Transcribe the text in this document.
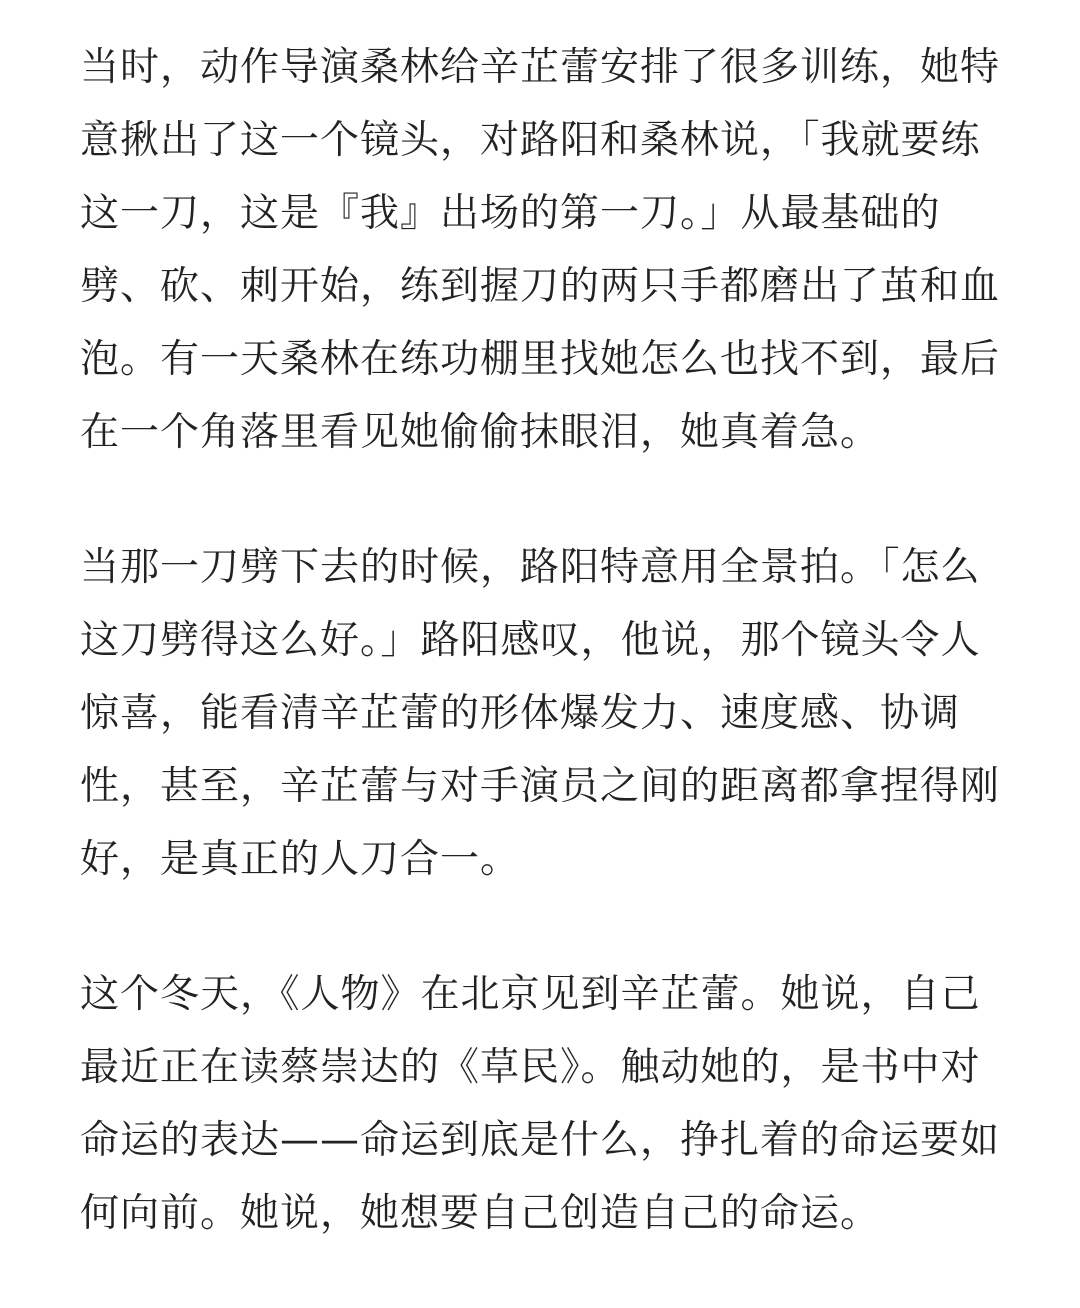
当时，动作导演桑林给辛芷蕾安排了很多训练，她特
意揪出了这一个镜头，对路阳和桑林说，「我就要练
这一刀，这是『我』出场的第一刀。」从最基础的
劈、砍、刺开始，练到握刀的两只手都磨出了茧和血
泡。有一天桑林在练功棚里找她怎么也找不到，最后
在一个角落里看见她偷偷抹眼泪，她真着急。
当那一刀劈下去的时候，路阳特意用全景拍。「怎么
这刀劈得这么好。」路阳感叹，他说，那个镜头令人
惊喜，能看清辛芷蕾的形体爆发力、速度感、协调
性，甚至，辛芷蕾与对手演员之间的距离都拿捏得刚
好，是真正的人刀合一。
这个冬天，《人物》在北京见到辛芷蕾。她说，自己
最近正在读蔡崇达的《草民》。触动她的，是书中对
命运的表达——命运到底是什么，挣扎着的命运要如
何向前。她说，她想要自己创造自己的命运。
